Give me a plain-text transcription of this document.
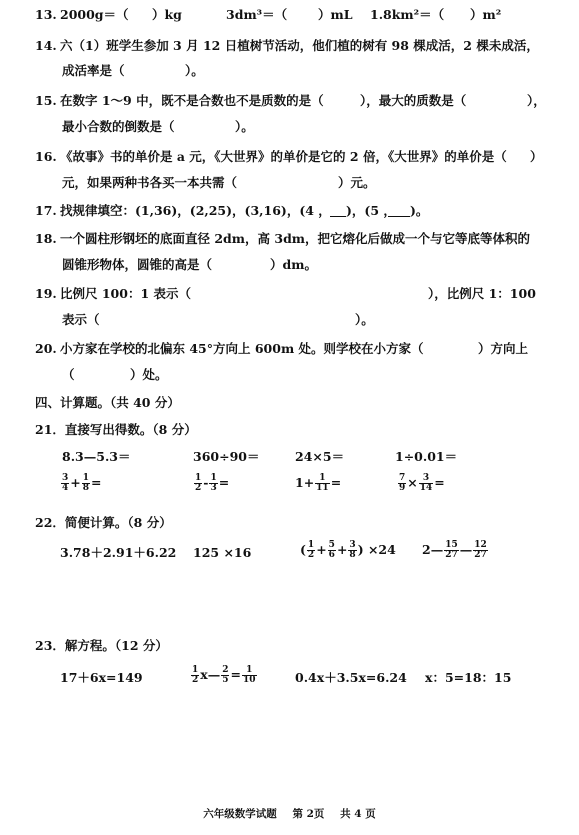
13. 2000g＝（ ）kg	3dm³＝（ ）mL 1.8km²＝（ ）m²
14. 六（1）班学生参加 3 月 12 日植树节活动，他们植的树有 98 棵成活，2 棵未成活，
成活率是（	）。
15. 在数字 1～9 中，既不是合数也不是质数的是（	），最大的质数是（	），
最小合数的倒数是（	）。
16. 《故事》书的单价是 a 元，《大世界》的单价是它的 2 倍，《大世界》的单价是（ ）
元，如果两种书各买一本共需（	）元。
17. 找规律填空：(1,36)，(2,25)，(3,16)，(4 ， )，(5 ， )。
18. 一个圆柱形钢坯的底面直径 2dm，高 3dm，把它熔化后做成一个与它等底等体积的
圆锥形物体，圆锥的高是（	）dm。
19. 比例尺 100：1 表示（	），比例尺 1：100
表示（	）。
20. 小方家在学校的北偏东 45°方向上 600m 处。则学校在小方家（	）方向上
（	）处。
四、计算题。（共 40 分）
21．直接写出得数。（8 分）
8.3—5.3＝	360÷90＝	24×5＝	1÷0.01＝
$\frac{3}{4} + \frac{1}{8}$ =	$\frac{1}{2} - \frac{1}{3}$ =	$1+ \frac{1}{11}$ =	$\frac{7}{9} \times \frac{3}{14}$ =
22．简便计算。（8 分）
3.78＋2.91＋6.22 125 ×16	( $\frac{1}{2} + \frac{5}{6} + \frac{3}{8}$ ) ×24 2— $\frac{15}{27}$ — $\frac{12}{27}$
23．解方程。（12 分）
17＋6x=149	$\frac{1}{2}$ x— $\frac{2}{5} = \frac{1}{10}$	0.4x＋3.5x=6.24 x：5=18：15
六年级数学试题 第 2页 共 4 页
